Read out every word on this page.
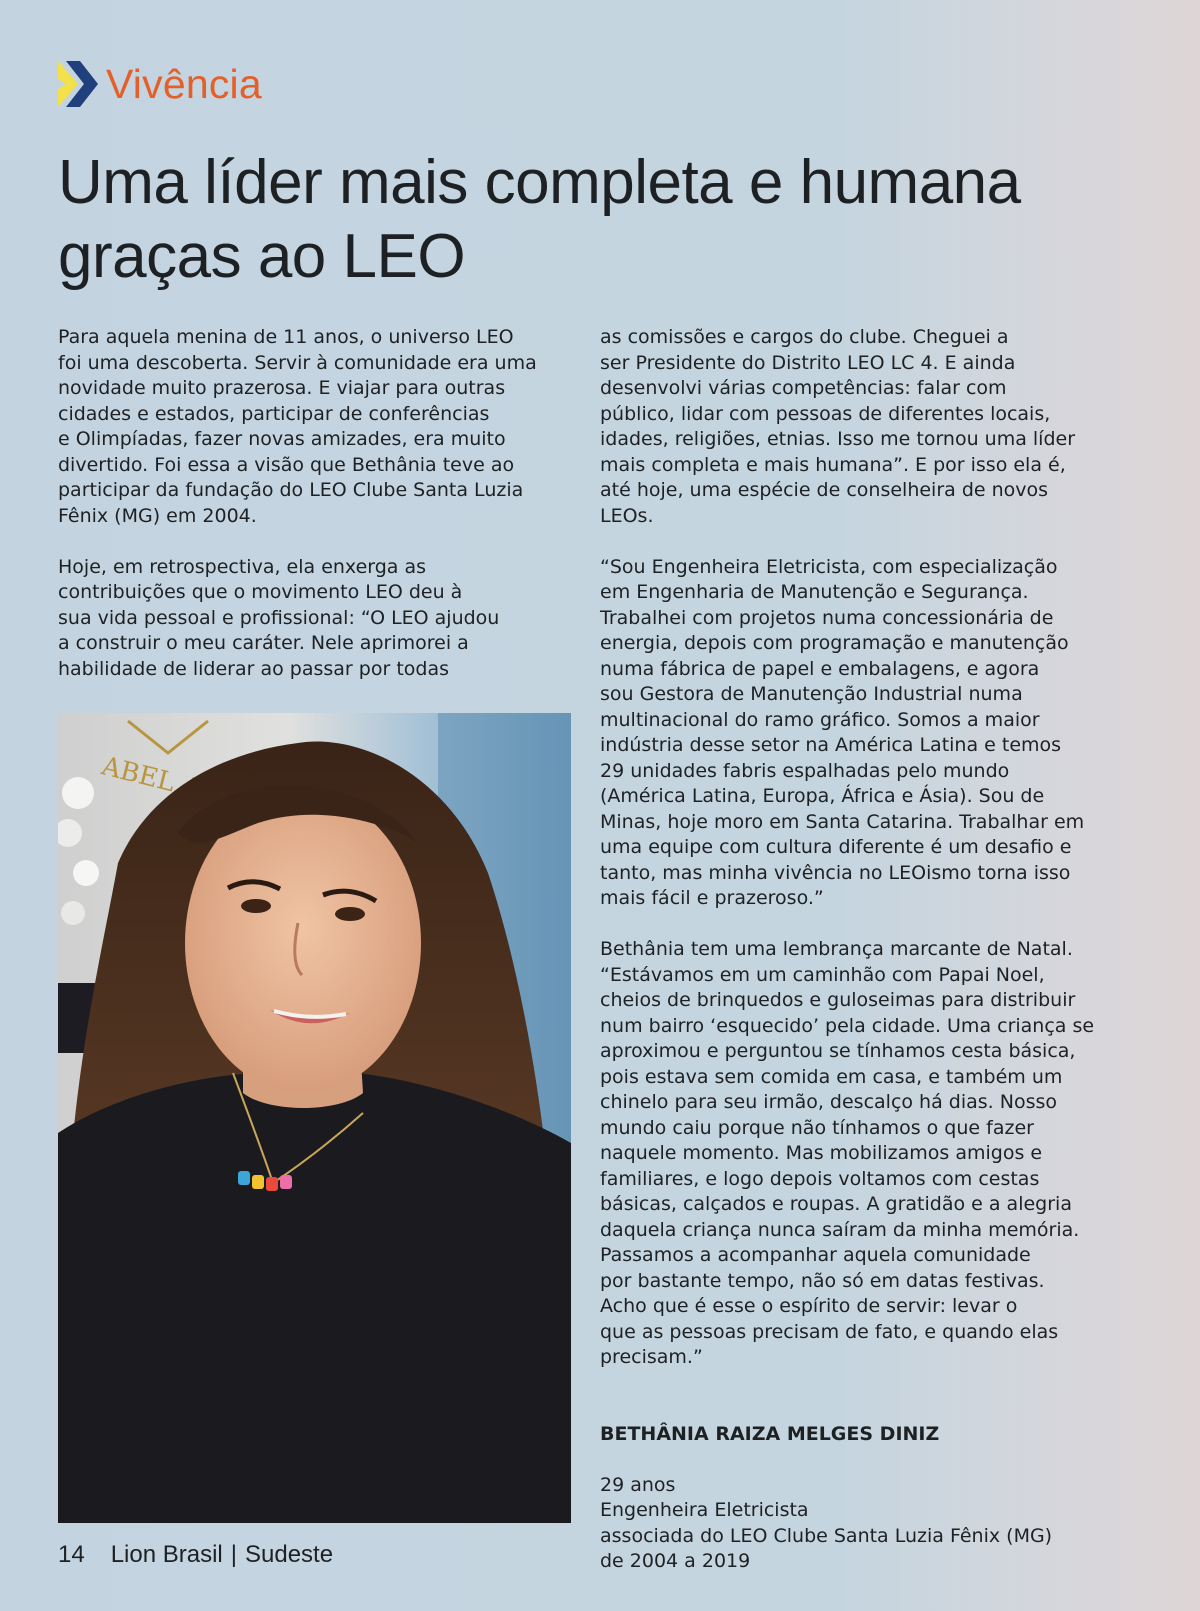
Vivência
Uma líder mais completa e humana
graças ao LEO

Para aquela menina de 11 anos, o universo LEO
foi uma descoberta. Servir à comunidade era uma
novidade muito prazerosa. E viajar para outras
cidades e estados, participar de conferências
e Olimpíadas, fazer novas amizades, era muito
divertido. Foi essa a visão que Bethânia teve ao
participar da fundação do LEO Clube Santa Luzia
Fênix (MG) em 2004.

Hoje, em retrospectiva, ela enxerga as
contribuições que o movimento LEO deu à
sua vida pessoal e profissional: “O LEO ajudou
a construir o meu caráter. Nele aprimorei a
habilidade de liderar ao passar por todas

as comissões e cargos do clube. Cheguei a
ser Presidente do Distrito LEO LC 4. E ainda
desenvolvi várias competências: falar com
público, lidar com pessoas de diferentes locais,
idades, religiões, etnias. Isso me tornou uma líder
mais completa e mais humana”. E por isso ela é,
até hoje, uma espécie de conselheira de novos
LEOs.

“Sou Engenheira Eletricista, com especialização
em Engenharia de Manutenção e Segurança.
Trabalhei com projetos numa concessionária de
energia, depois com programação e manutenção
numa fábrica de papel e embalagens, e agora
sou Gestora de Manutenção Industrial numa
multinacional do ramo gráfico. Somos a maior
indústria desse setor na América Latina e temos
29 unidades fabris espalhadas pelo mundo
(América Latina, Europa, África e Ásia). Sou de
Minas, hoje moro em Santa Catarina. Trabalhar em
uma equipe com cultura diferente é um desafio e
tanto, mas minha vivência no LEOismo torna isso
mais fácil e prazeroso.”

Bethânia tem uma lembrança marcante de Natal.
“Estávamos em um caminhão com Papai Noel,
cheios de brinquedos e guloseimas para distribuir
num bairro ‘esquecido’ pela cidade. Uma criança se
aproximou e perguntou se tínhamos cesta básica,
pois estava sem comida em casa, e também um
chinelo para seu irmão, descalço há dias. Nosso
mundo caiu porque não tínhamos o que fazer
naquele momento. Mas mobilizamos amigos e
familiares, e logo depois voltamos com cestas
básicas, calçados e roupas. A gratidão e a alegria
daquela criança nunca saíram da minha memória.
Passamos a acompanhar aquela comunidade
por bastante tempo, não só em datas festivas.
Acho que é esse o espírito de servir: levar o
que as pessoas precisam de fato, e quando elas
precisam.”

BETHÂNIA RAIZA MELGES DINIZ

29 anos
Engenheira Eletricista
associada do LEO Clube Santa Luzia Fênix (MG)
de 2004 a 2019

14 Lion Brasil | Sudeste
